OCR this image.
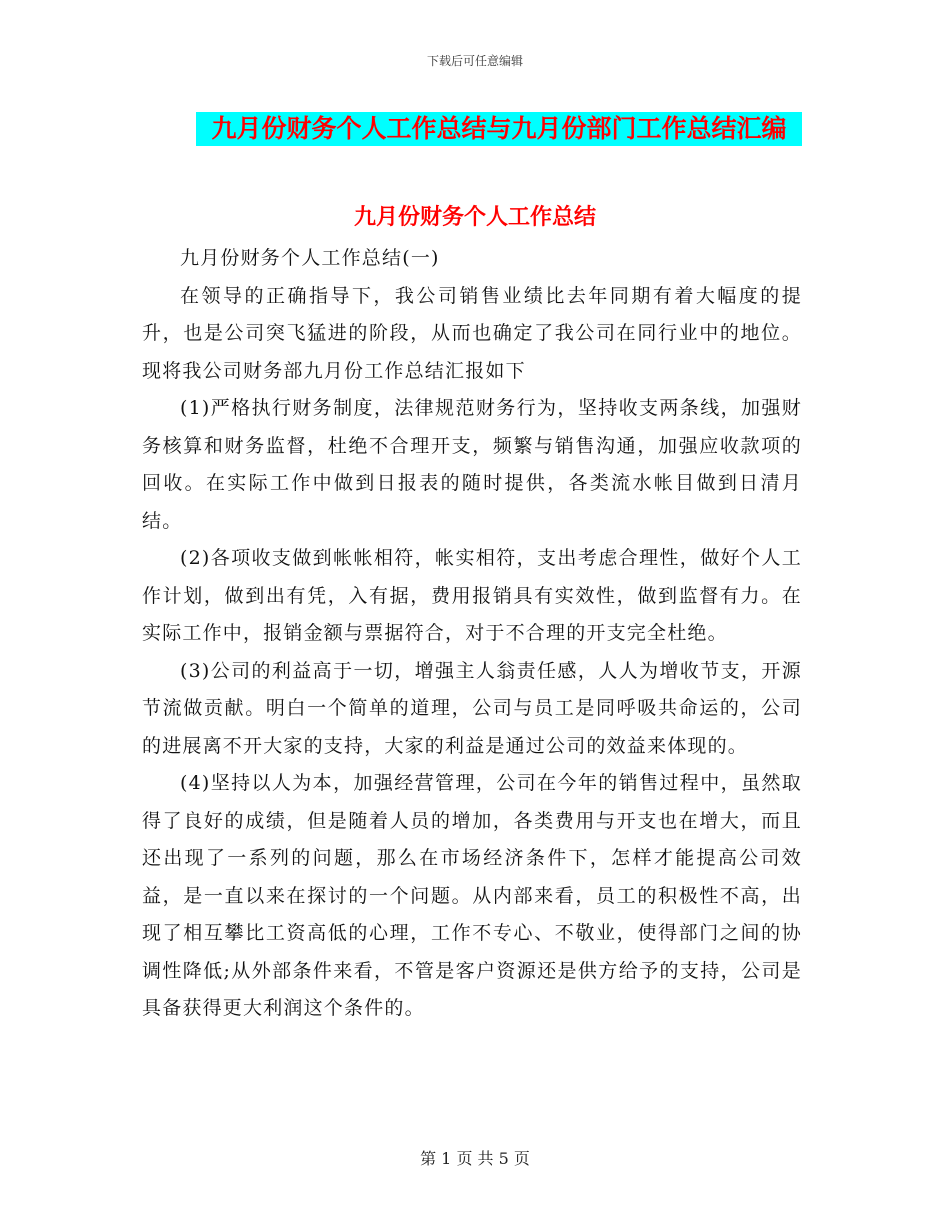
下载后可任意编辑
九月份财务个人工作总结与九月份部门工作总结汇编
九月份财务个人工作总结

九月份财务个人工作总结(一)

在领导的正确指导下，我公司销售业绩比去年同期有着大幅度的提升，也是公司突飞猛进的阶段，从而也确定了我公司在同行业中的地位。现将我公司财务部九月份工作总结汇报如下

(1)严格执行财务制度，法律规范财务行为，坚持收支两条线，加强财务核算和财务监督，杜绝不合理开支，频繁与销售沟通，加强应收款项的回收。在实际工作中做到日报表的随时提供，各类流水帐目做到日清月结。

(2)各项收支做到帐帐相符，帐实相符，支出考虑合理性，做好个人工作计划，做到出有凭，入有据，费用报销具有实效性，做到监督有力。在实际工作中，报销金额与票据符合，对于不合理的开支完全杜绝。

(3)公司的利益高于一切，增强主人翁责任感，人人为增收节支，开源节流做贡献。明白一个简单的道理，公司与员工是同呼吸共命运的，公司的进展离不开大家的支持，大家的利益是通过公司的效益来体现的。

(4)坚持以人为本，加强经营管理，公司在今年的销售过程中，虽然取得了良好的成绩，但是随着人员的增加，各类费用与开支也在增大，而且还出现了一系列的问题，那么在市场经济条件下，怎样才能提高公司效益，是一直以来在探讨的一个问题。从内部来看，员工的积极性不高，出现了相互攀比工资高低的心理，工作不专心、不敬业，使得部门之间的协调性降低;从外部条件来看，不管是客户资源还是供方给予的支持，公司是具备获得更大利润这个条件的。

第 1 页 共 5 页
